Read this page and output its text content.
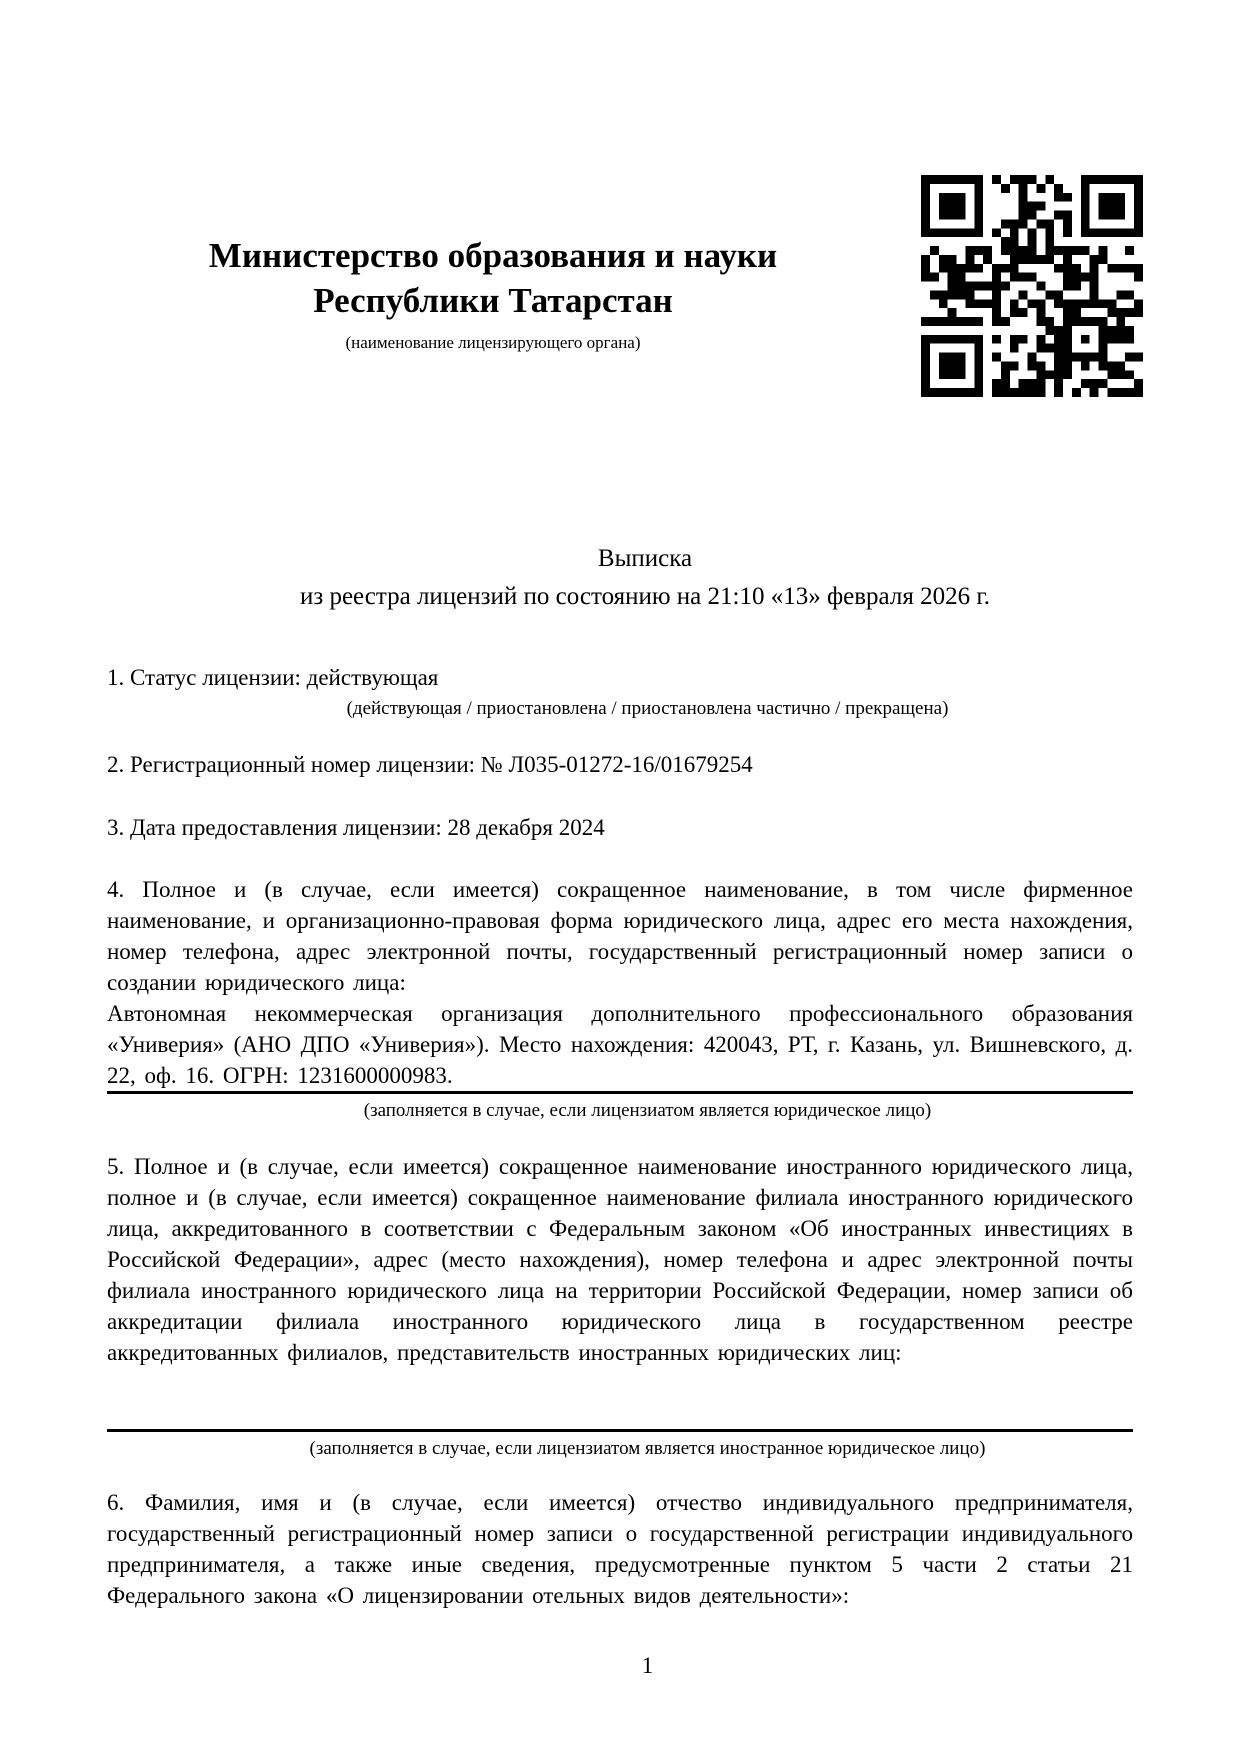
Министерство образования и науки
Республики Татарстан
(наименование лицензирующего органа)
Выписка
из реестра лицензий по состоянию на 21:10 «13» февраля 2026 г.
1. Статус лицензии: действующая
(действующая / приостановлена / приостановлена частично / прекращена)
2. Регистрационный номер лицензии: № Л035-01272-16/01679254
3. Дата предоставления лицензии: 28 декабря 2024
4. Полное и (в случае, если имеется) сокращенное наименование, в том числе фирменное наименование, и организационно-правовая форма юридического лица, адрес его места нахождения, номер телефона, адрес электронной почты, государственный регистрационный номер записи о создании юридического лица:
Автономная некоммерческая организация дополнительного профессионального образования «Универия» (АНО ДПО «Универия»). Место нахождения: 420043, РТ, г. Казань, ул. Вишневского, д. 22, оф. 16. ОГРН: 1231600000983.
(заполняется в случае, если лицензиатом является юридическое лицо)
5. Полное и (в случае, если имеется) сокращенное наименование иностранного юридического лица, полное и (в случае, если имеется) сокращенное наименование филиала иностранного юридического лица, аккредитованного в соответствии с Федеральным законом «Об иностранных инвестициях в Российской Федерации», адрес (место нахождения), номер телефона и адрес электронной почты филиала иностранного юридического лица на территории Российской Федерации, номер записи об аккредитации филиала иностранного юридического лица в государственном реестре аккредитованных филиалов, представительств иностранных юридических лиц:
(заполняется в случае, если лицензиатом является иностранное юридическое лицо)
6. Фамилия, имя и (в случае, если имеется) отчество индивидуального предпринимателя, государственный регистрационный номер записи о государственной регистрации индивидуального предпринимателя, а также иные сведения, предусмотренные пунктом 5 части 2 статьи 21 Федерального закона «О лицензировании отельных видов деятельности»:
1
